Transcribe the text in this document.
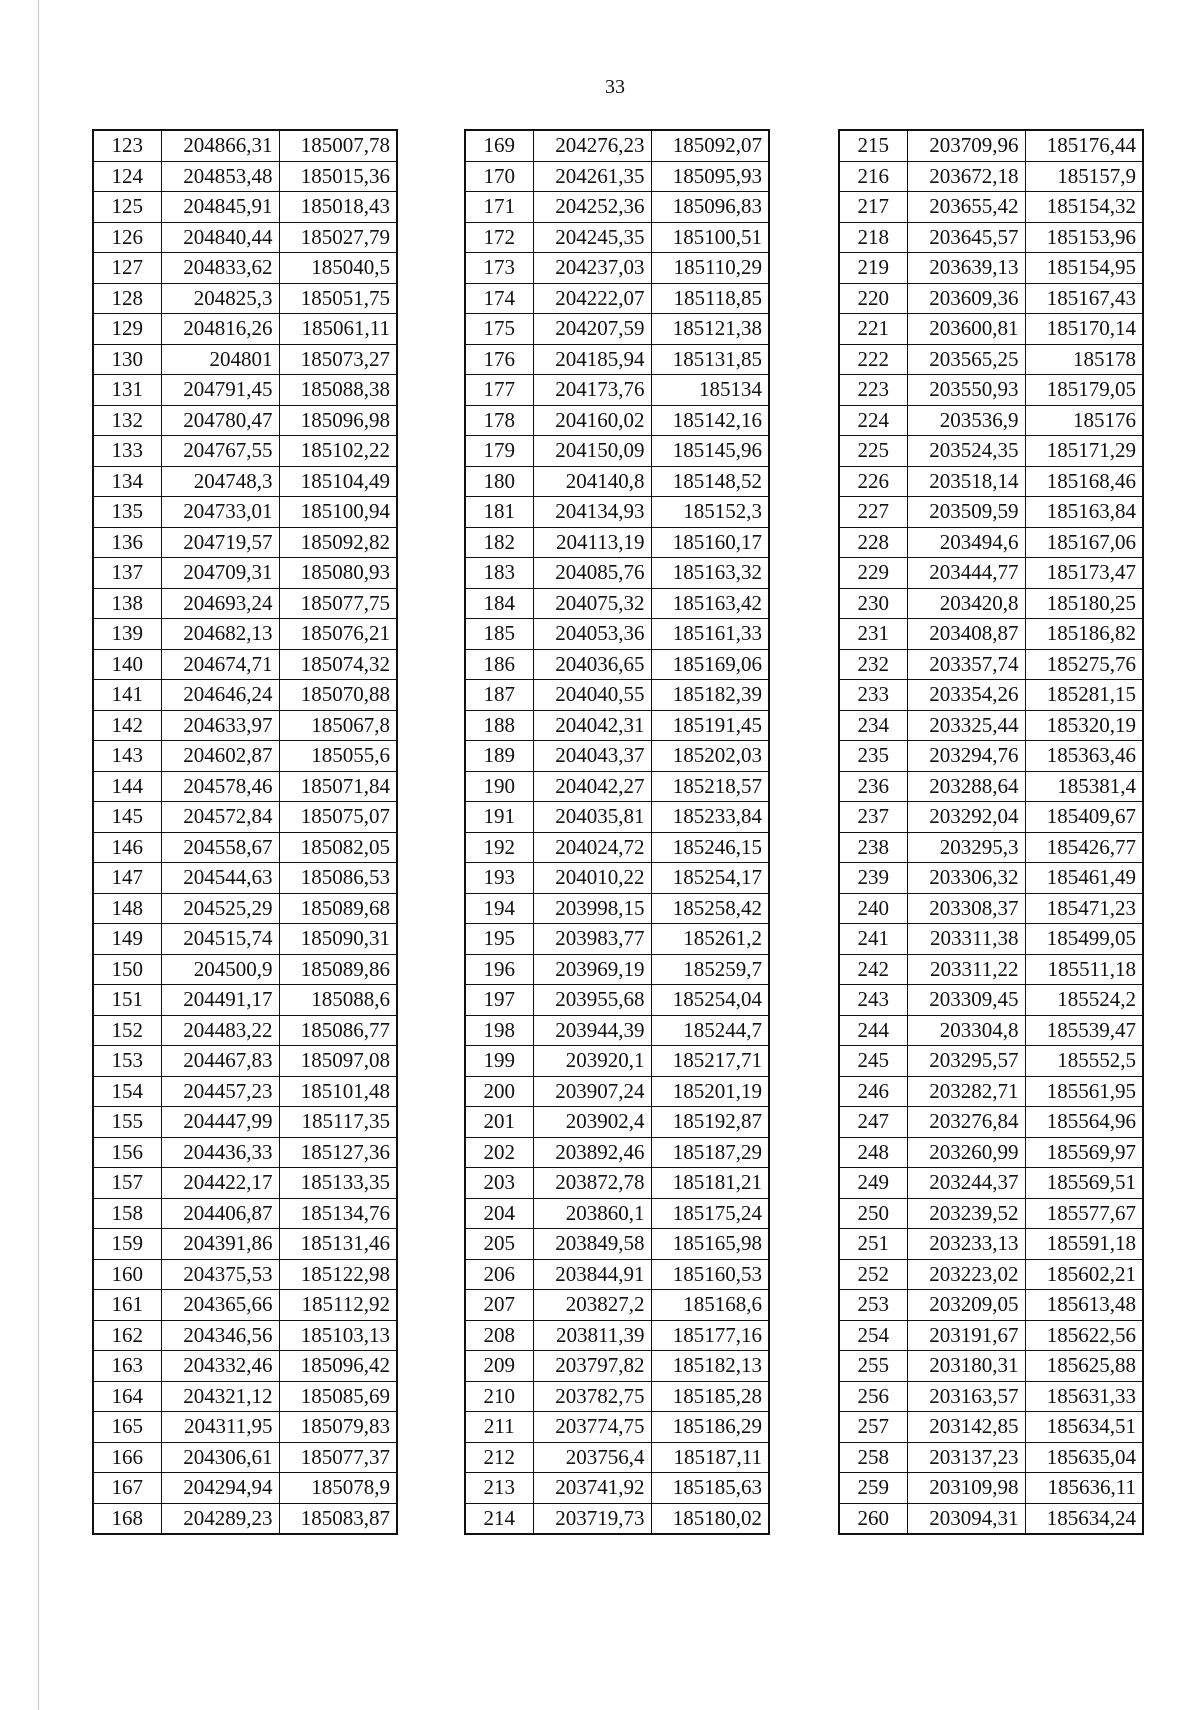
33
123	204866,31	185007,78
124	204853,48	185015,36
125	204845,91	185018,43
126	204840,44	185027,79
127	204833,62	185040,5
128	204825,3	185051,75
129	204816,26	185061,11
130	204801	185073,27
131	204791,45	185088,38
132	204780,47	185096,98
133	204767,55	185102,22
134	204748,3	185104,49
135	204733,01	185100,94
136	204719,57	185092,82
137	204709,31	185080,93
138	204693,24	185077,75
139	204682,13	185076,21
140	204674,71	185074,32
141	204646,24	185070,88
142	204633,97	185067,8
143	204602,87	185055,6
144	204578,46	185071,84
145	204572,84	185075,07
146	204558,67	185082,05
147	204544,63	185086,53
148	204525,29	185089,68
149	204515,74	185090,31
150	204500,9	185089,86
151	204491,17	185088,6
152	204483,22	185086,77
153	204467,83	185097,08
154	204457,23	185101,48
155	204447,99	185117,35
156	204436,33	185127,36
157	204422,17	185133,35
158	204406,87	185134,76
159	204391,86	185131,46
160	204375,53	185122,98
161	204365,66	185112,92
162	204346,56	185103,13
163	204332,46	185096,42
164	204321,12	185085,69
165	204311,95	185079,83
166	204306,61	185077,37
167	204294,94	185078,9
168	204289,23	185083,87
169	204276,23	185092,07
170	204261,35	185095,93
171	204252,36	185096,83
172	204245,35	185100,51
173	204237,03	185110,29
174	204222,07	185118,85
175	204207,59	185121,38
176	204185,94	185131,85
177	204173,76	185134
178	204160,02	185142,16
179	204150,09	185145,96
180	204140,8	185148,52
181	204134,93	185152,3
182	204113,19	185160,17
183	204085,76	185163,32
184	204075,32	185163,42
185	204053,36	185161,33
186	204036,65	185169,06
187	204040,55	185182,39
188	204042,31	185191,45
189	204043,37	185202,03
190	204042,27	185218,57
191	204035,81	185233,84
192	204024,72	185246,15
193	204010,22	185254,17
194	203998,15	185258,42
195	203983,77	185261,2
196	203969,19	185259,7
197	203955,68	185254,04
198	203944,39	185244,7
199	203920,1	185217,71
200	203907,24	185201,19
201	203902,4	185192,87
202	203892,46	185187,29
203	203872,78	185181,21
204	203860,1	185175,24
205	203849,58	185165,98
206	203844,91	185160,53
207	203827,2	185168,6
208	203811,39	185177,16
209	203797,82	185182,13
210	203782,75	185185,28
211	203774,75	185186,29
212	203756,4	185187,11
213	203741,92	185185,63
214	203719,73	185180,02
215	203709,96	185176,44
216	203672,18	185157,9
217	203655,42	185154,32
218	203645,57	185153,96
219	203639,13	185154,95
220	203609,36	185167,43
221	203600,81	185170,14
222	203565,25	185178
223	203550,93	185179,05
224	203536,9	185176
225	203524,35	185171,29
226	203518,14	185168,46
227	203509,59	185163,84
228	203494,6	185167,06
229	203444,77	185173,47
230	203420,8	185180,25
231	203408,87	185186,82
232	203357,74	185275,76
233	203354,26	185281,15
234	203325,44	185320,19
235	203294,76	185363,46
236	203288,64	185381,4
237	203292,04	185409,67
238	203295,3	185426,77
239	203306,32	185461,49
240	203308,37	185471,23
241	203311,38	185499,05
242	203311,22	185511,18
243	203309,45	185524,2
244	203304,8	185539,47
245	203295,57	185552,5
246	203282,71	185561,95
247	203276,84	185564,96
248	203260,99	185569,97
249	203244,37	185569,51
250	203239,52	185577,67
251	203233,13	185591,18
252	203223,02	185602,21
253	203209,05	185613,48
254	203191,67	185622,56
255	203180,31	185625,88
256	203163,57	185631,33
257	203142,85	185634,51
258	203137,23	185635,04
259	203109,98	185636,11
260	203094,31	185634,24
